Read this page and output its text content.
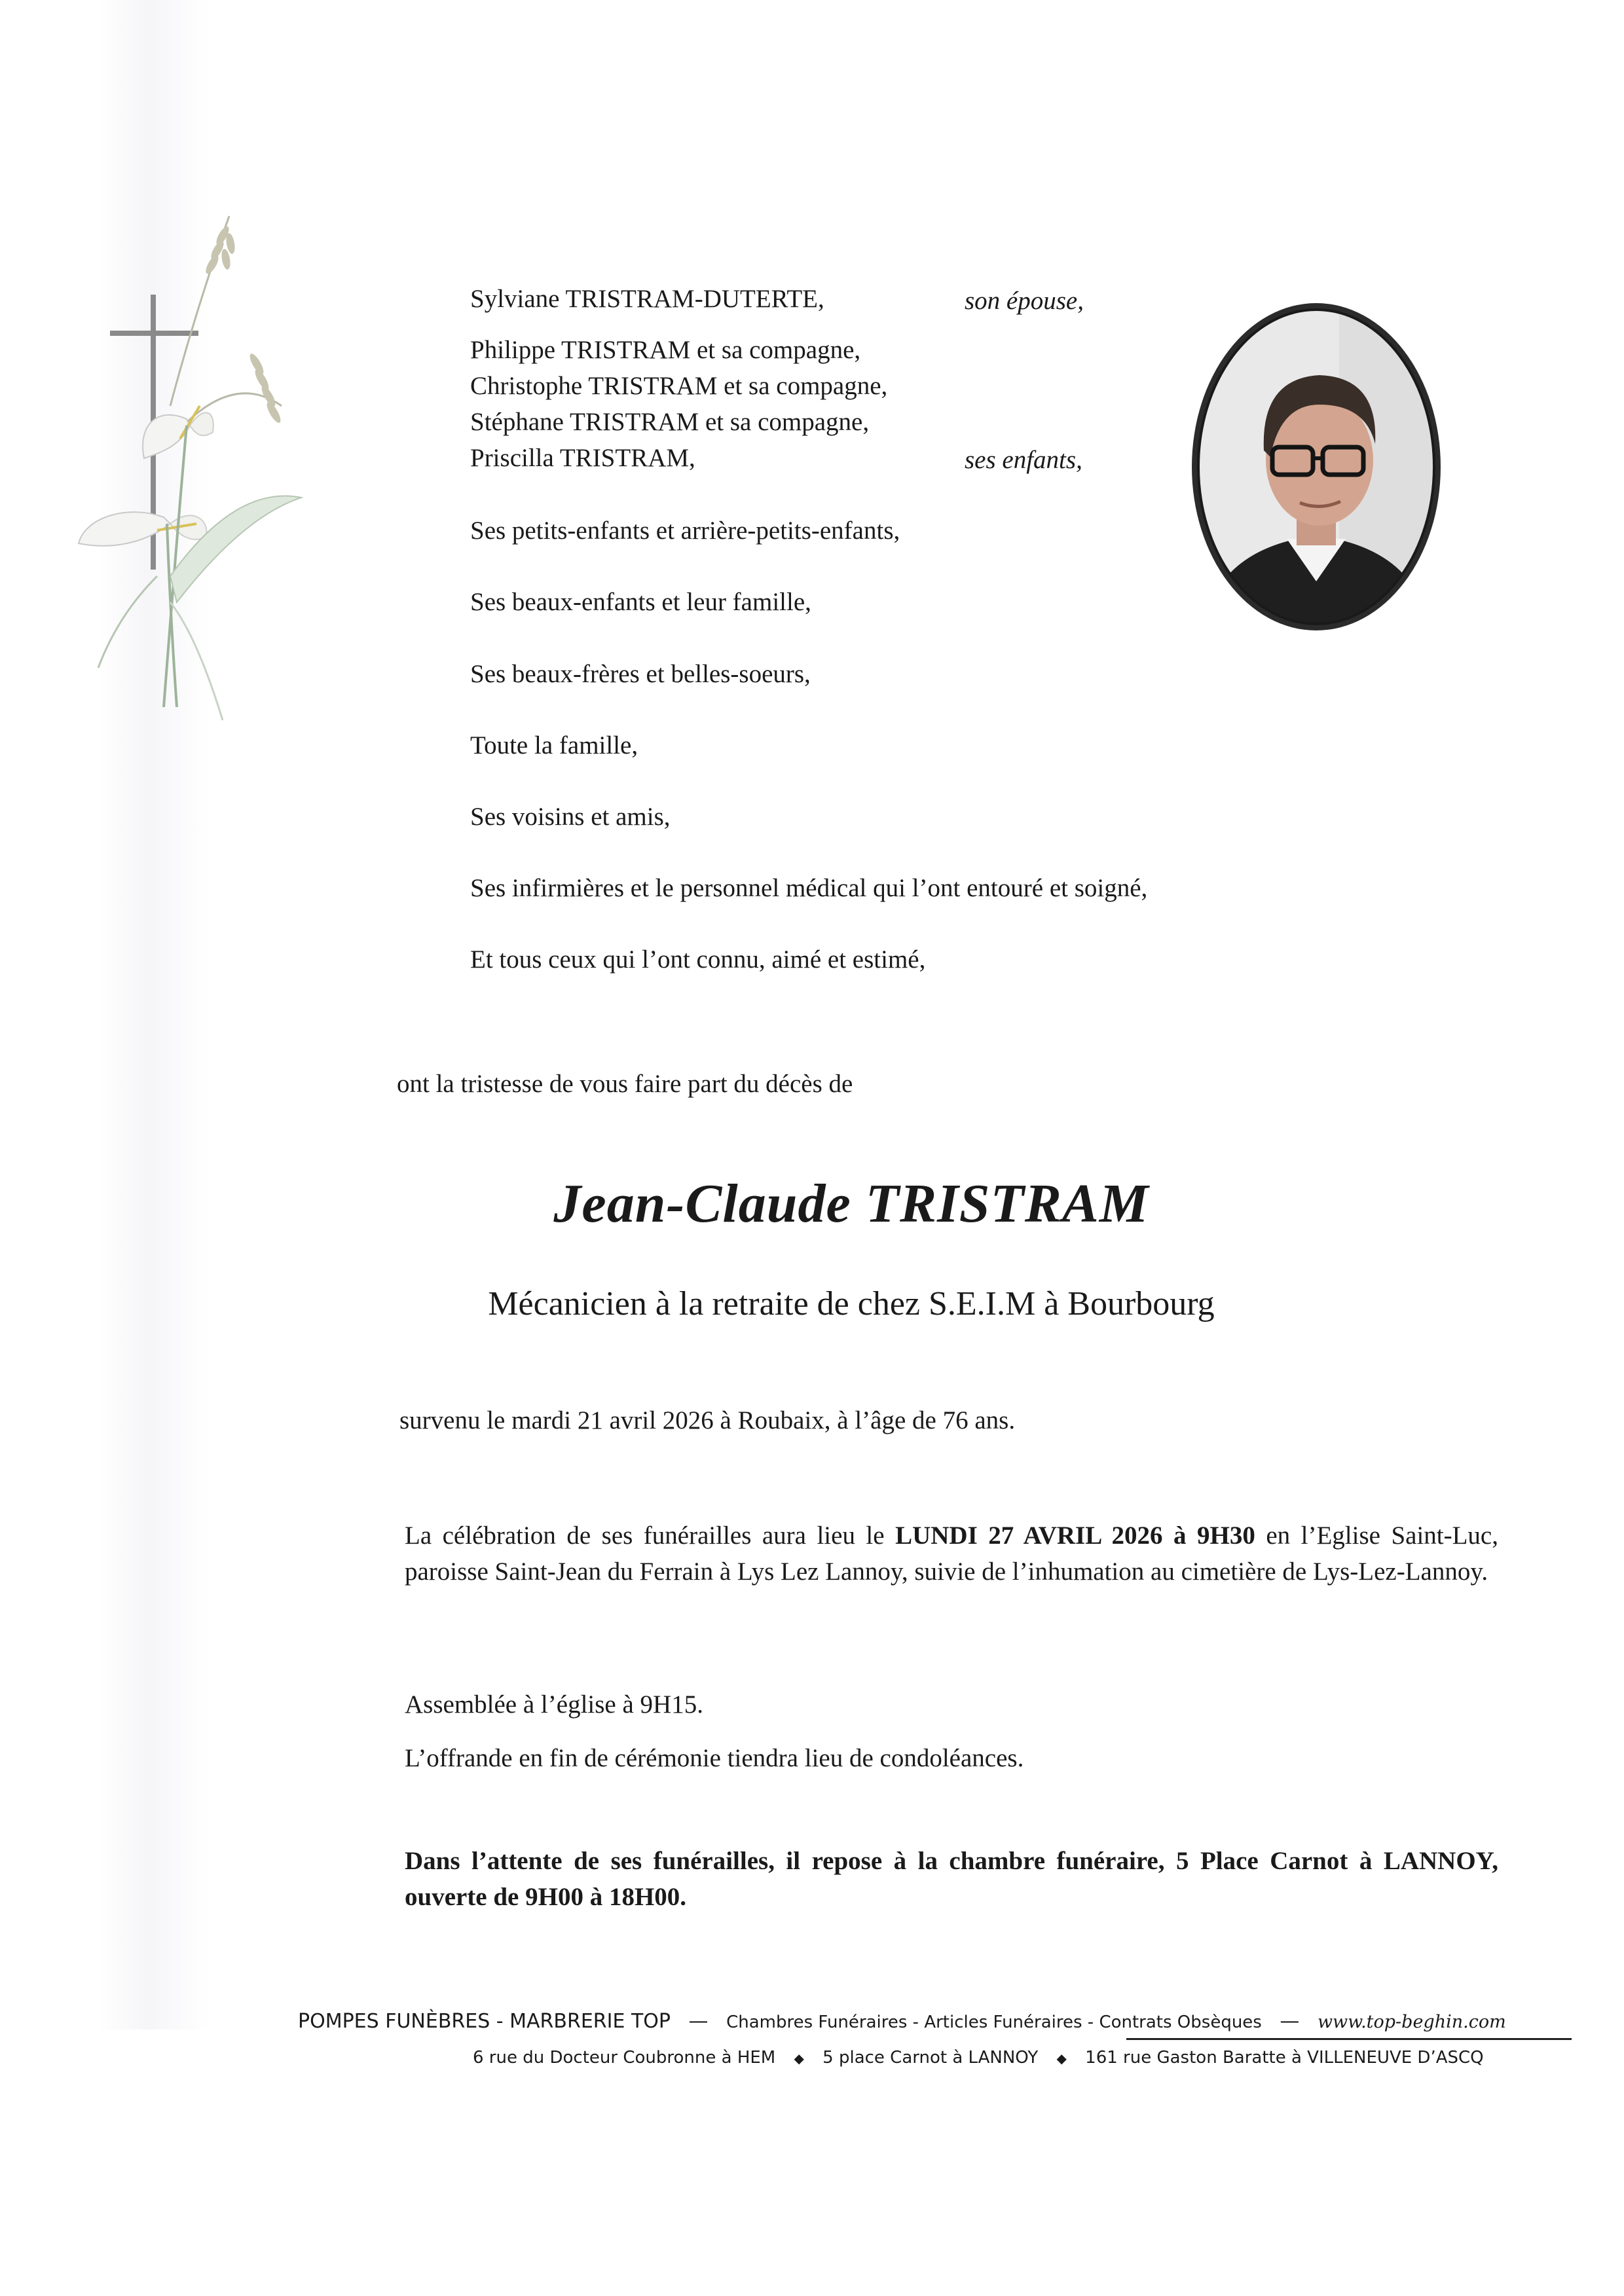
Sylviane TRISTRAM-DUTERTE,	son épouse,
Philippe TRISTRAM et sa compagne,
Christophe TRISTRAM et sa compagne,
Stéphane TRISTRAM et sa compagne,
Priscilla TRISTRAM,	ses enfants,
Ses petits-enfants et arrière-petits-enfants,
Ses beaux-enfants et leur famille,
Ses beaux-frères et belles-soeurs,
Toute la famille,
Ses voisins et amis,
Ses infirmières et le personnel médical qui l’ont entouré et soigné,
Et tous ceux qui l’ont connu, aimé et estimé,
ont la tristesse de vous faire part du décès de
Jean-Claude TRISTRAM
Mécanicien à la retraite de chez S.E.I.M à Bourbourg
survenu le mardi 21 avril 2026 à Roubaix, à l’âge de 76 ans.
La célébration de ses funérailles aura lieu le LUNDI 27 AVRIL 2026 à 9H30 en l’Eglise Saint-Luc, paroisse Saint-Jean du Ferrain à Lys Lez Lannoy, suivie de l’inhumation au cimetière de Lys-Lez-Lannoy.
Assemblée à l’église à 9H15.
L’offrande en fin de cérémonie tiendra lieu de condoléances.
Dans l’attente de ses funérailles, il repose à la chambre funéraire, 5 Place Carnot à LANNOY, ouverte de 9H00 à 18H00.
POMPES FUNÈBRES - MARBRERIE TOP — Chambres Funéraires - Articles Funéraires - Contrats Obsèques — www.top-beghin.com
6 rue du Docteur Coubronne à HEM ◆ 5 place Carnot à LANNOY ◆ 161 rue Gaston Baratte à VILLENEUVE D’ASCQ
